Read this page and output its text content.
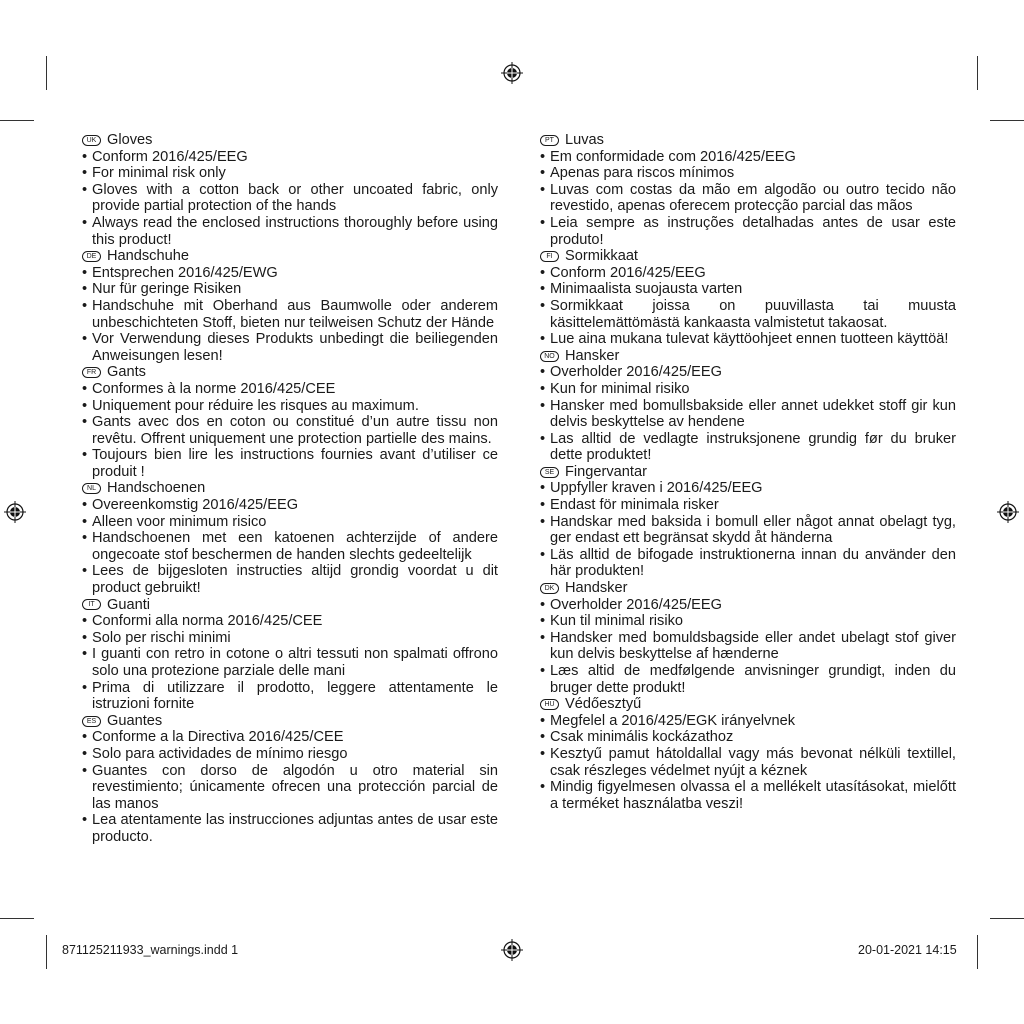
UK Gloves
• Conform 2016/425/EEG
• For minimal risk only
• Gloves with a cotton back or other uncoated fabric, only provide partial protection of the hands
• Always read the enclosed instructions thoroughly before using this product!
DE Handschuhe
• Entsprechen 2016/425/EWG
• Nur für geringe Risiken
• Handschuhe mit Oberhand aus Baumwolle oder anderem unbeschichteten Stoff, bieten nur teilweisen Schutz der Hände
• Vor Verwendung dieses Produkts unbedingt die beiliegenden Anweisungen lesen!
FR Gants
• Conformes à la norme 2016/425/CEE
• Uniquement pour réduire les risques au maximum.
• Gants avec dos en coton ou constitué d’un autre tissu non revêtu. Offrent uniquement une protection partielle des mains.
• Toujours bien lire les instructions fournies avant d’utiliser ce produit !
NL Handschoenen
• Overeenkomstig 2016/425/EEG
• Alleen voor minimum risico
• Handschoenen met een katoenen achterzijde of andere ongecoate stof beschermen de handen slechts gedeeltelijk
• Lees de bijgesloten instructies altijd grondig voordat u dit product gebruikt!
IT Guanti
• Conformi alla norma 2016/425/CEE
• Solo per rischi minimi
• I guanti con retro in cotone o altri tessuti non spalmati offrono solo una protezione parziale delle mani
• Prima di utilizzare il prodotto, leggere attentamente le istruzioni fornite
ES Guantes
• Conforme a la Directiva 2016/425/CEE
• Solo para actividades de mínimo riesgo
• Guantes con dorso de algodón u otro material sin revestimiento; únicamente ofrecen una protección parcial de las manos
• Lea atentamente las instrucciones adjuntas antes de usar este producto.
PT Luvas
• Em conformidade com 2016/425/EEG
• Apenas para riscos mínimos
• Luvas com costas da mão em algodão ou outro tecido não revestido, apenas oferecem protecção parcial das mãos
• Leia sempre as instruções detalhadas antes de usar este produto!
FI Sormikkaat
• Conform 2016/425/EEG
• Minimaalista suojausta varten
• Sormikkaat joissa on puuvillasta tai muusta käsittelemättömästä kankaasta valmistetut takaosat.
• Lue aina mukana tulevat käyttöohjeet ennen tuotteen käyttöä!
NO Hansker
• Overholder 2016/425/EEG
• Kun for minimal risiko
• Hansker med bomullsbakside eller annet udekket stoff gir kun delvis beskyttelse av hendene
• Las alltid de vedlagte instruksjonene grundig før du bruker dette produktet!
SE Fingervantar
• Uppfyller kraven i 2016/425/EEG
• Endast för minimala risker
• Handskar med baksida i bomull eller något annat obelagt tyg, ger endast ett begränsat skydd åt händerna
• Läs alltid de bifogade instruktionerna innan du använder den här produkten!
DK Handsker
• Overholder 2016/425/EEG
• Kun til minimal risiko
• Handsker med bomuldsbagside eller andet ubelagt stof giver kun delvis beskyttelse af hænderne
• Læs altid de medfølgende anvisninger grundigt, inden du bruger dette produkt!
HU Védőesztyű
• Megfelel a 2016/425/EGK irányelvnek
• Csak minimális kockázathoz
• Kesztyű pamut hátoldallal vagy más bevonat nélküli textillel, csak részleges védelmet nyújt a kéznek
• Mindig figyelmesen olvassa el a mellékelt utasításokat, mielőtt a terméket használatba veszi!
871125211933_warnings.indd 1	20-01-2021 14:15
